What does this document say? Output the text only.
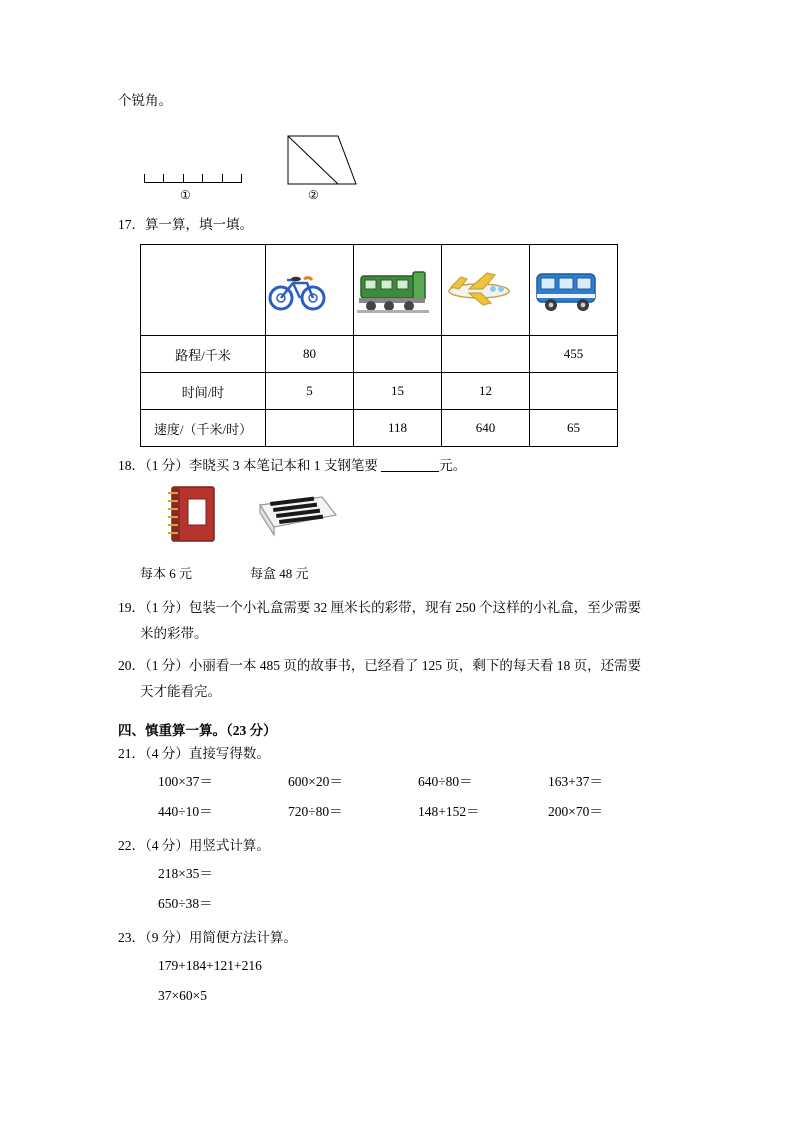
个锐角。

①	②

17．算一算，填一填。

路程/千米	80			455
时间/时	5	15	12	
速度/（千米/时）		118	640	65

18．（1 分）李晓买 3 本笔记本和 1 支钢笔要	元。

每本 6 元	每盒 48 元

19．（1 分）包装一个小礼盒需要 32 厘米长的彩带，现有 250 个这样的小礼盒，至少需要

米的彩带。

20．（1 分）小丽看一本 485 页的故事书，已经看了 125 页，剩下的每天看 18 页，还需要

天才能看完。

四、慎重算一算。（23 分）

21．（4 分）直接写得数。

100×37＝	600×20＝	640÷80＝	163+37＝
440÷10＝	720÷80＝	148+152＝	200×70＝

22．（4 分）用竖式计算。

218×35＝
650÷38＝

23．（9 分）用简便方法计算。

179+184+121+216
37×60×5
